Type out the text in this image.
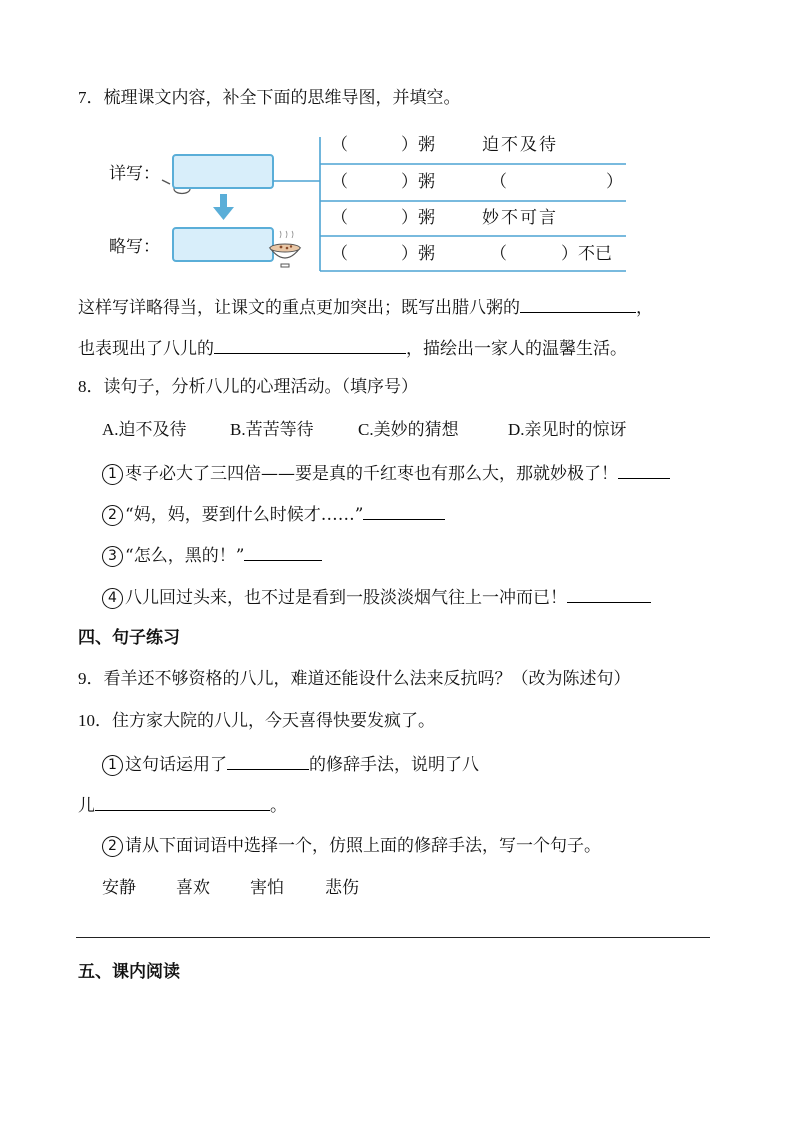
7．梳理课文内容，补全下面的思维导图，并填空。
详写：
略写：
（	）粥	迫不及待
（	）粥	（	）
（	）粥	妙不可言
（	）粥	（	）不已
这样写详略得当，让课文的重点更加突出；既写出腊八粥的	，
也表现出了八儿的	，描绘出一家人的温馨生活。
8．读句子，分析八儿的心理活动。（填序号）
A.迫不及待	B.苦苦等待	C.美妙的猜想	D.亲见时的惊讶
1 枣子必大了三四倍——要是真的千红枣也有那么大，那就妙极了！
2 “妈，妈，要到什么时候才……”
3 “怎么，黑的！”
4 八儿回过头来，也不过是看到一股淡淡烟气往上一冲而已！
四、句子练习
9．看羊还不够资格的八儿，难道还能设什么法来反抗吗？（改为陈述句）
10．住方家大院的八儿，今天喜得快要发疯了。
1 这句话运用了	的修辞手法，说明了八
儿	。
2 请从下面词语中选择一个，仿照上面的修辞手法，写一个句子。
安静 喜欢 害怕 悲伤
五、课内阅读
